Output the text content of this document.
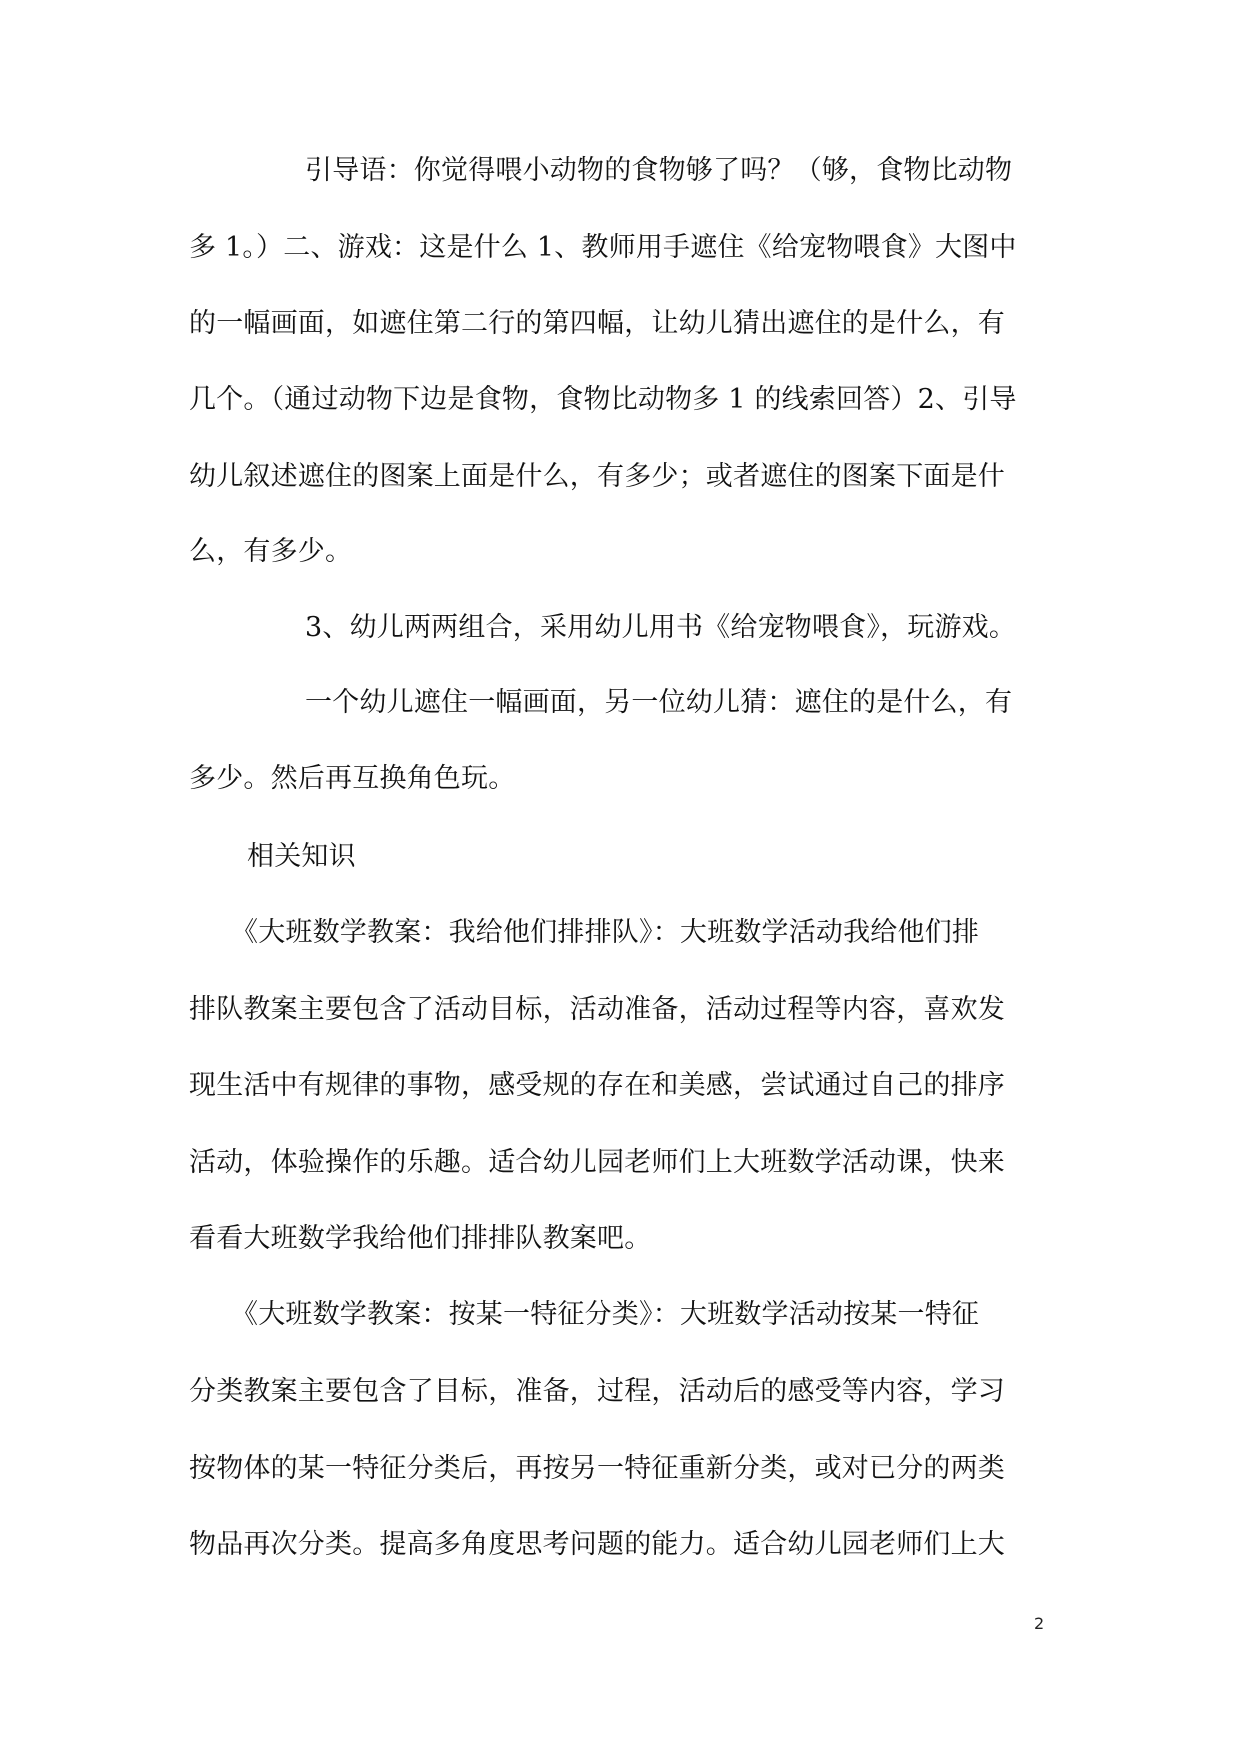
引导语：你觉得喂小动物的食物够了吗？（够，食物比动物
多 1。）二、游戏：这是什么 1、教师用手遮住《给宠物喂食》大图中
的一幅画面，如遮住第二行的第四幅，让幼儿猜出遮住的是什么，有
几个。（通过动物下边是食物，食物比动物多 1 的线索回答）2、引导
幼儿叙述遮住的图案上面是什么，有多少；或者遮住的图案下面是什
么，有多少。
3、幼儿两两组合，采用幼儿用书《给宠物喂食》，玩游戏。
一个幼儿遮住一幅画面，另一位幼儿猜：遮住的是什么，有
多少。然后再互换角色玩。
相关知识
《大班数学教案：我给他们排排队》：大班数学活动我给他们排
排队教案主要包含了活动目标，活动准备，活动过程等内容，喜欢发
现生活中有规律的事物，感受规的存在和美感，尝试通过自己的排序
活动，体验操作的乐趣。适合幼儿园老师们上大班数学活动课，快来
看看大班数学我给他们排排队教案吧。
《大班数学教案：按某一特征分类》：大班数学活动按某一特征
分类教案主要包含了目标，准备，过程，活动后的感受等内容，学习
按物体的某一特征分类后，再按另一特征重新分类，或对已分的两类
物品再次分类。提高多角度思考问题的能力。适合幼儿园老师们上大
2
